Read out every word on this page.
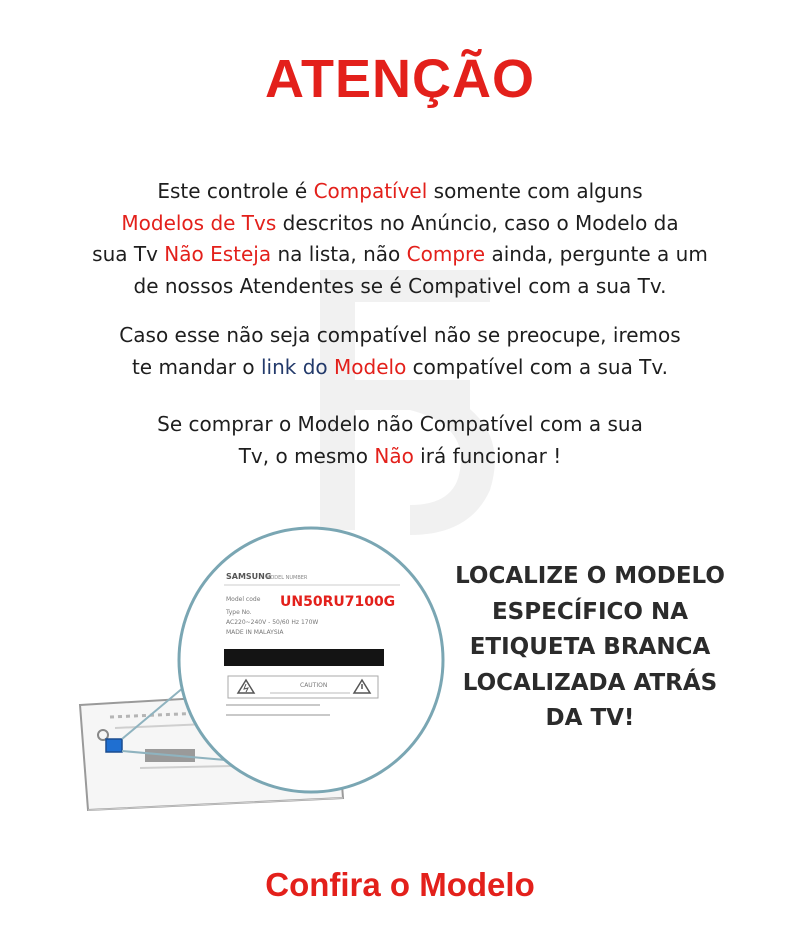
ATENÇÃO

Este controle é Compatível somente com alguns
Modelos de Tvs descritos no Anúncio, caso o Modelo da
sua Tv Não Esteja na lista, não Compre ainda, pergunte a um
de nossos Atendentes se é Compativel com a sua Tv.

Caso esse não seja compatível não se preocupe, iremos
te mandar o link do Modelo compatível com a sua Tv.

Se comprar o Modelo não Compatível com a sua
Tv, o mesmo Não irá funcionar !

SAMSUNG
MODEL NUMBER
Model code UN50RU7100G
Type No.
AC220~240V - 50/60 Hz 170W
MADE IN MALAYSIA
CAUTION

LOCALIZE O MODELO
ESPECÍFICO NA
ETIQUETA BRANCA
LOCALIZADA ATRÁS
DA TV!

Confira o Modelo
